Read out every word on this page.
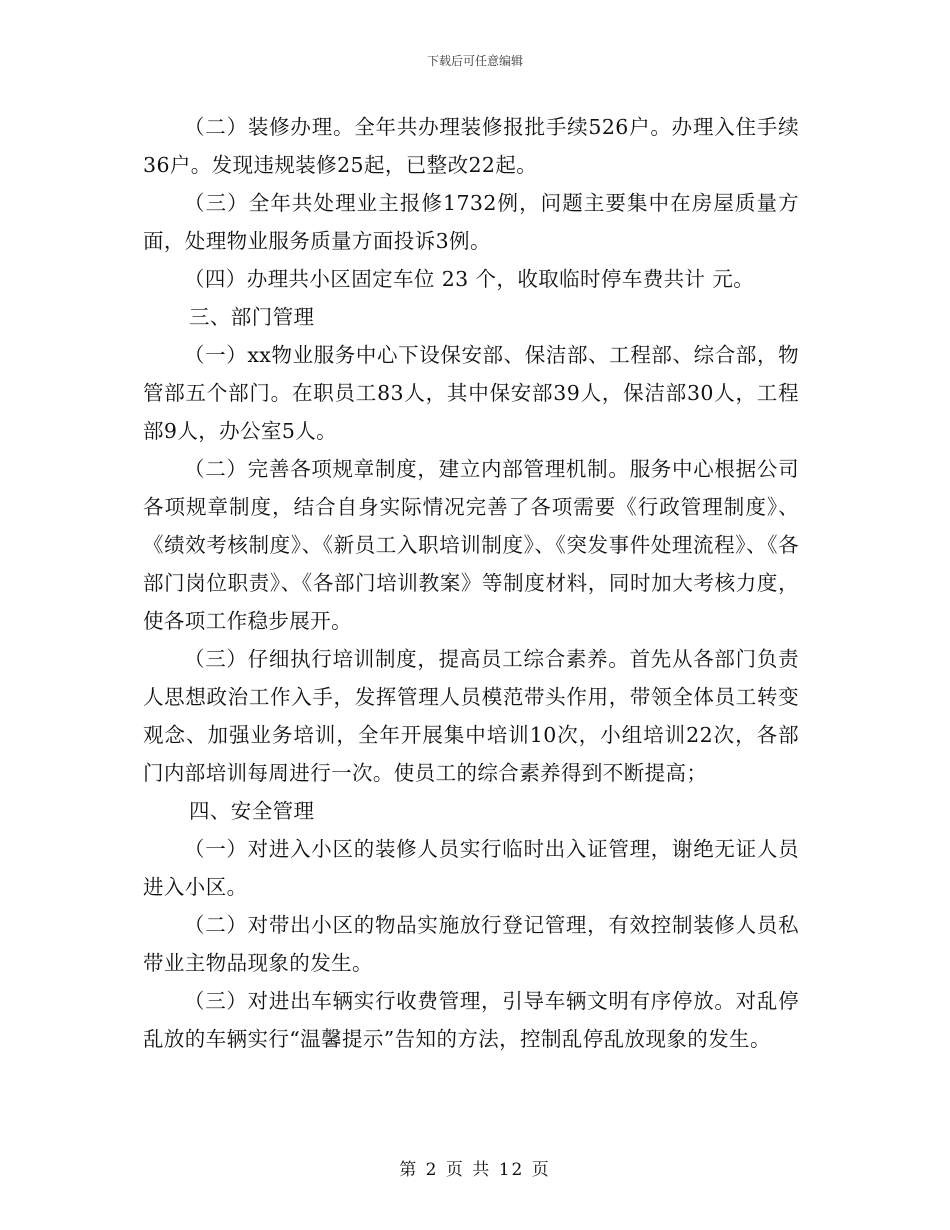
下载后可任意编辑

（二）装修办理。全年共办理装修报批手续526户。办理入住手续36户。发现违规装修25起，已整改22起。

（三）全年共处理业主报修1732例，问题主要集中在房屋质量方面，处理物业服务质量方面投诉3例。

（四）办理共小区固定车位 23 个，收取临时停车费共计 元。

三、部门管理

（一）xx物业服务中心下设保安部、保洁部、工程部、综合部，物管部五个部门。在职员工83人，其中保安部39人，保洁部30人，工程部9人，办公室5人。

（二）完善各项规章制度，建立内部管理机制。服务中心根据公司各项规章制度，结合自身实际情况完善了各项需要《行政管理制度》、《绩效考核制度》、《新员工入职培训制度》、《突发事件处理流程》、《各部门岗位职责》、《各部门培训教案》等制度材料，同时加大考核力度，使各项工作稳步展开。

（三）仔细执行培训制度，提高员工综合素养。首先从各部门负责人思想政治工作入手，发挥管理人员模范带头作用，带领全体员工转变观念、加强业务培训，全年开展集中培训10次，小组培训22次，各部门内部培训每周进行一次。使员工的综合素养得到不断提高；

四、安全管理

（一）对进入小区的装修人员实行临时出入证管理，谢绝无证人员进入小区。

（二）对带出小区的物品实施放行登记管理，有效控制装修人员私带业主物品现象的发生。

（三）对进出车辆实行收费管理，引导车辆文明有序停放。对乱停乱放的车辆实行“温馨提示”告知的方法，控制乱停乱放现象的发生。

第 2 页 共 12 页
